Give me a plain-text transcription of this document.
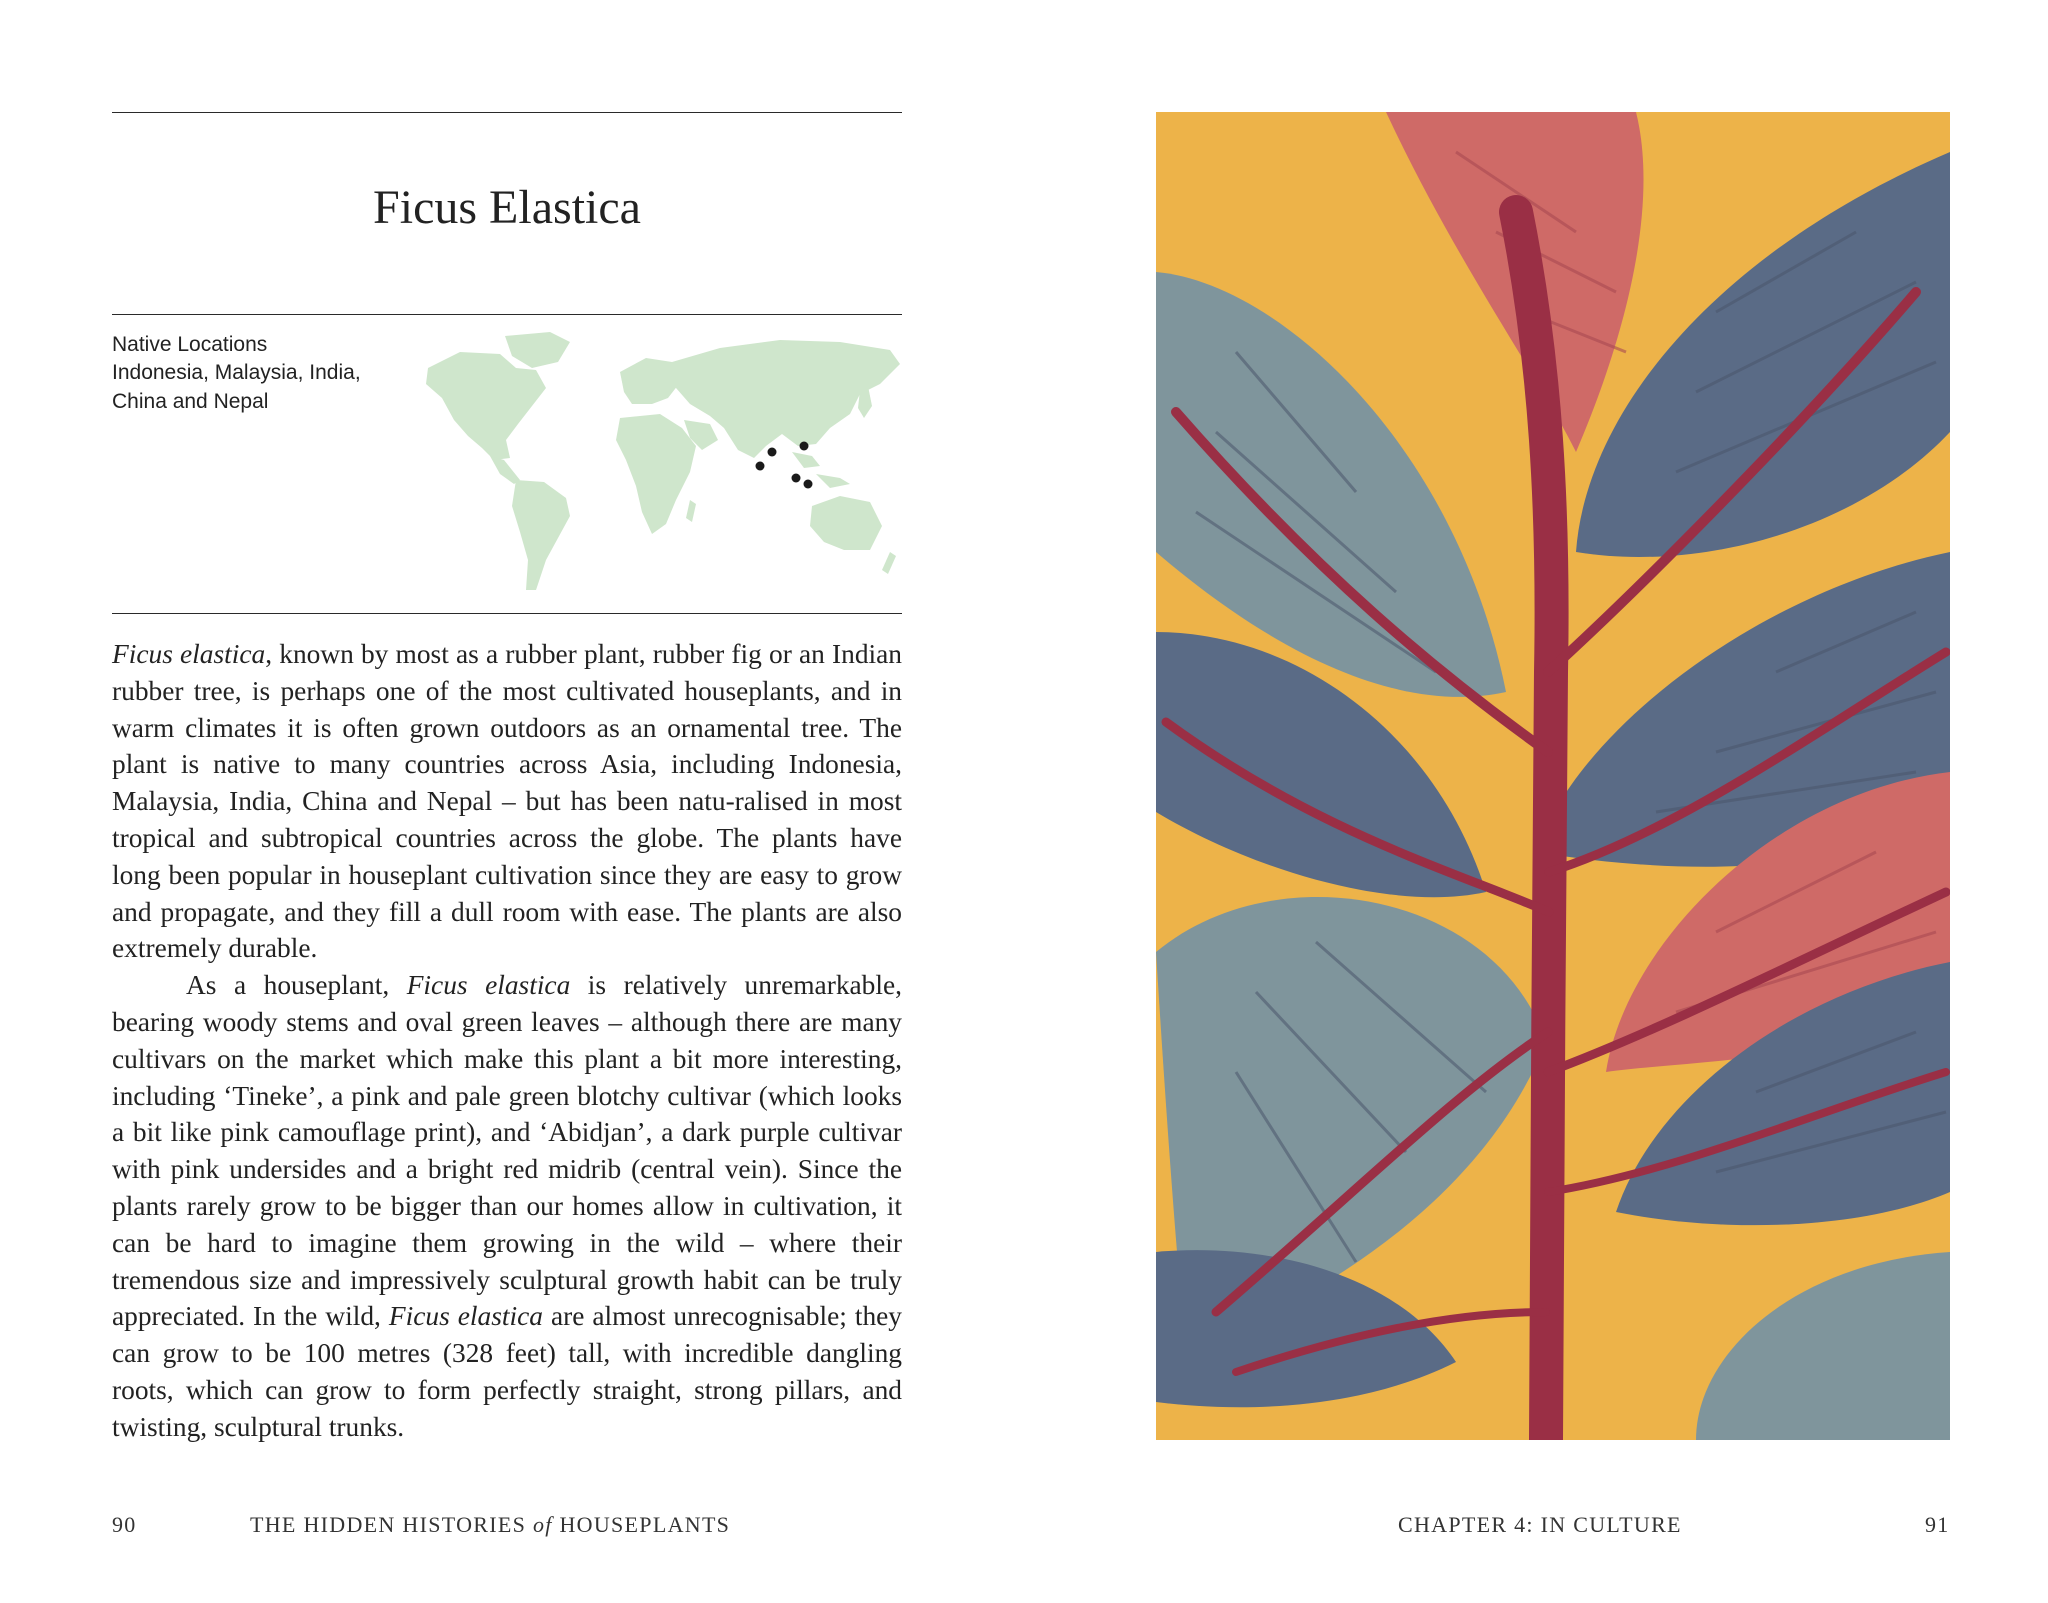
Ficus Elastica
Native Locations
Indonesia, Malaysia, India, China and Nepal

Ficus elastica, known by most as a rubber plant, rubber fig or an Indian rubber tree, is perhaps one of the most cultivated houseplants, and in warm climates it is often grown outdoors as an ornamental tree. The plant is native to many countries across Asia, including Indonesia, Malaysia, India, China and Nepal – but has been natu-ralised in most tropical and subtropical countries across the globe. The plants have long been popular in houseplant cultivation since they are easy to grow and propagate, and they fill a dull room with ease. The plants are also extremely durable.

As a houseplant, Ficus elastica is relatively unremarkable, bearing woody stems and oval green leaves – although there are many cultivars on the market which make this plant a bit more interesting, including ‘Tineke’, a pink and pale green blotchy cultivar (which looks a bit like pink camouflage print), and ‘Abidjan’, a dark purple cultivar with pink undersides and a bright red midrib (central vein). Since the plants rarely grow to be bigger than our homes allow in cultivation, it can be hard to imagine them growing in the wild – where their tremendous size and impressively sculptural growth habit can be truly appreciated. In the wild, Ficus elastica are almost unrecognisable; they can grow to be 100 metres (328 feet) tall, with incredible dangling roots, which can grow to form perfectly straight, strong pillars, and twisting, sculptural trunks.

90	THE HIDDEN HISTORIES of HOUSEPLANTS	CHAPTER 4: IN CULTURE	91
